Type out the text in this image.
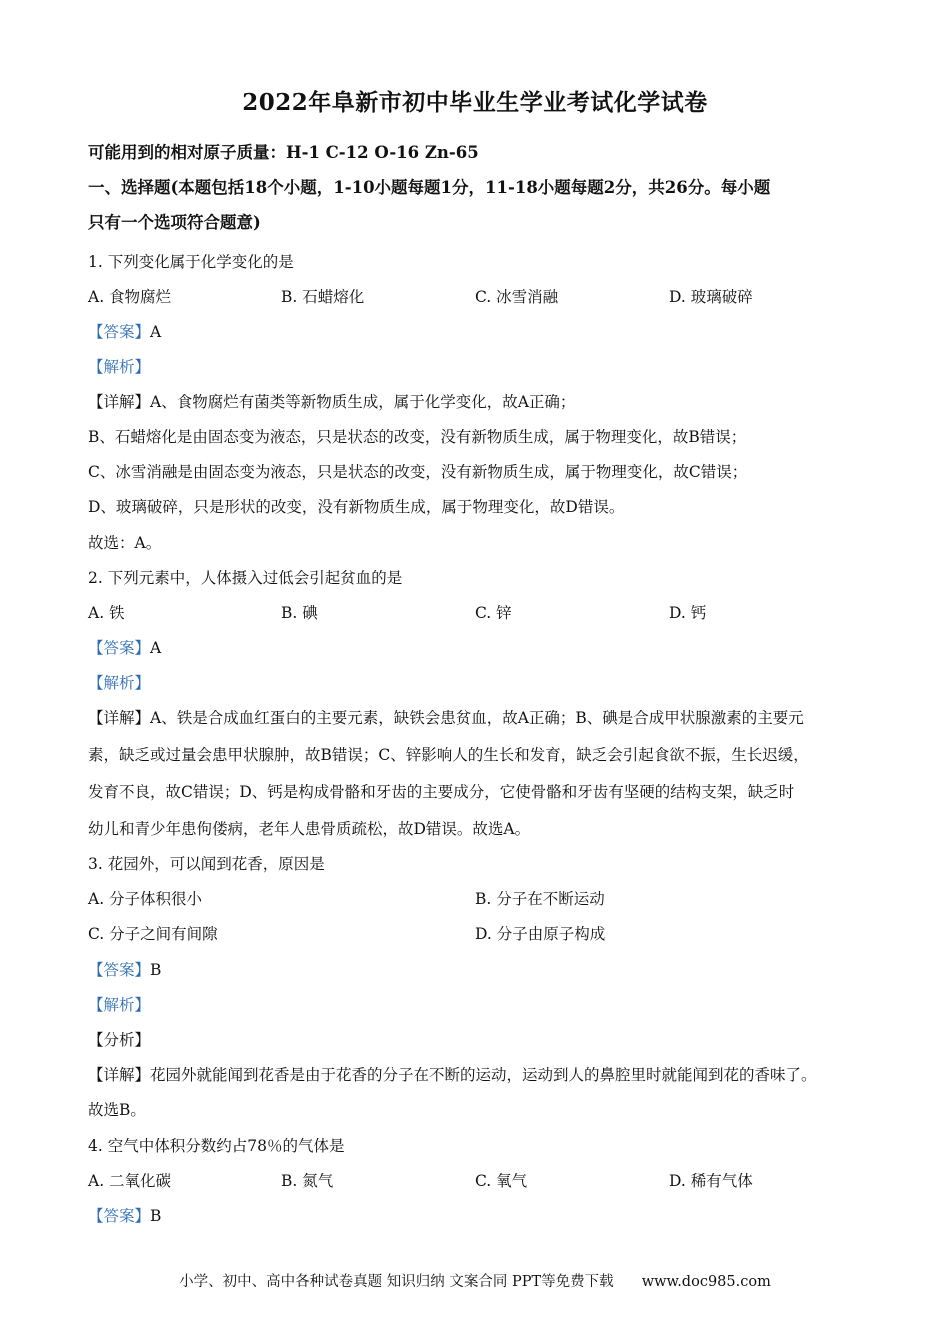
2022年阜新市初中毕业生学业考试化学试卷
可能用到的相对原子质量：H-1 C-12 O-16 Zn-65
一、选择题(本题包括18个小题，1-10小题每题1分，11-18小题每题2分，共26分。每小题
只有一个选项符合题意)
1. 下列变化属于化学变化的是
A. 食物腐烂	B. 石蜡熔化	C. 冰雪消融	D. 玻璃破碎
【答案】A
【解析】
【详解】A、食物腐烂有菌类等新物质生成，属于化学变化，故A正确；
B、石蜡熔化是由固态变为液态，只是状态的改变，没有新物质生成，属于物理变化，故B错误；
C、冰雪消融是由固态变为液态，只是状态的改变，没有新物质生成，属于物理变化，故C错误；
D、玻璃破碎，只是形状的改变，没有新物质生成，属于物理变化，故D错误。
故选：A。
2. 下列元素中，人体摄入过低会引起贫血的是
A. 铁	B. 碘	C. 锌	D. 钙
【答案】A
【解析】
【详解】A、铁是合成血红蛋白的主要元素，缺铁会患贫血，故A正确；B、碘是合成甲状腺激素的主要元
素，缺乏或过量会患甲状腺肿，故B错误；C、锌影响人的生长和发育，缺乏会引起食欲不振，生长迟缓，
发育不良，故C错误；D、钙是构成骨骼和牙齿的主要成分，它使骨骼和牙齿有坚硬的结构支架，缺乏时
幼儿和青少年患佝偻病，老年人患骨质疏松，故D错误。故选A。
3. 花园外，可以闻到花香，原因是
A. 分子体积很小	B. 分子在不断运动
C. 分子之间有间隙	D. 分子由原子构成
【答案】B
【解析】
【分析】
【详解】花园外就能闻到花香是由于花香的分子在不断的运动，运动到人的鼻腔里时就能闻到花的香味了。
故选B。
4. 空气中体积分数约占78％的气体是
A. 二氧化碳	B. 氮气	C. 氧气	D. 稀有气体
【答案】B
小学、初中、高中各种试卷真题 知识归纳 文案合同 PPT等免费下载 www.doc985.com
